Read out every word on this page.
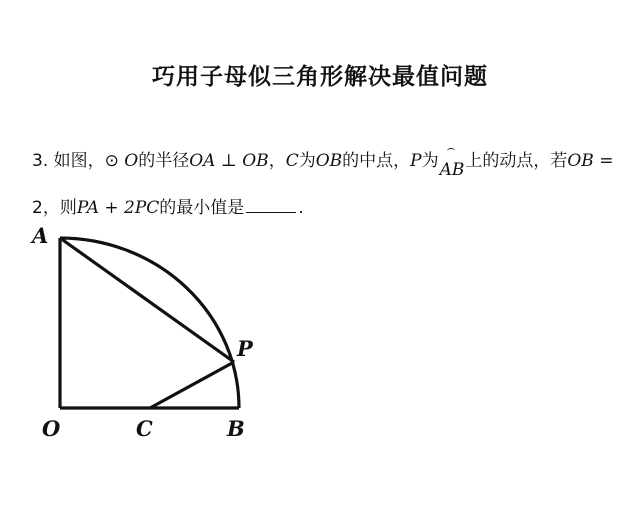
巧用子母似三角形解决最值问题
3. 如图，⊙ O的半径OA ⊥ OB，C为OB的中点，P为AB上的动点，若OB =
2，则PA + 2PC的最小值是	.
A
O	C	B
P
